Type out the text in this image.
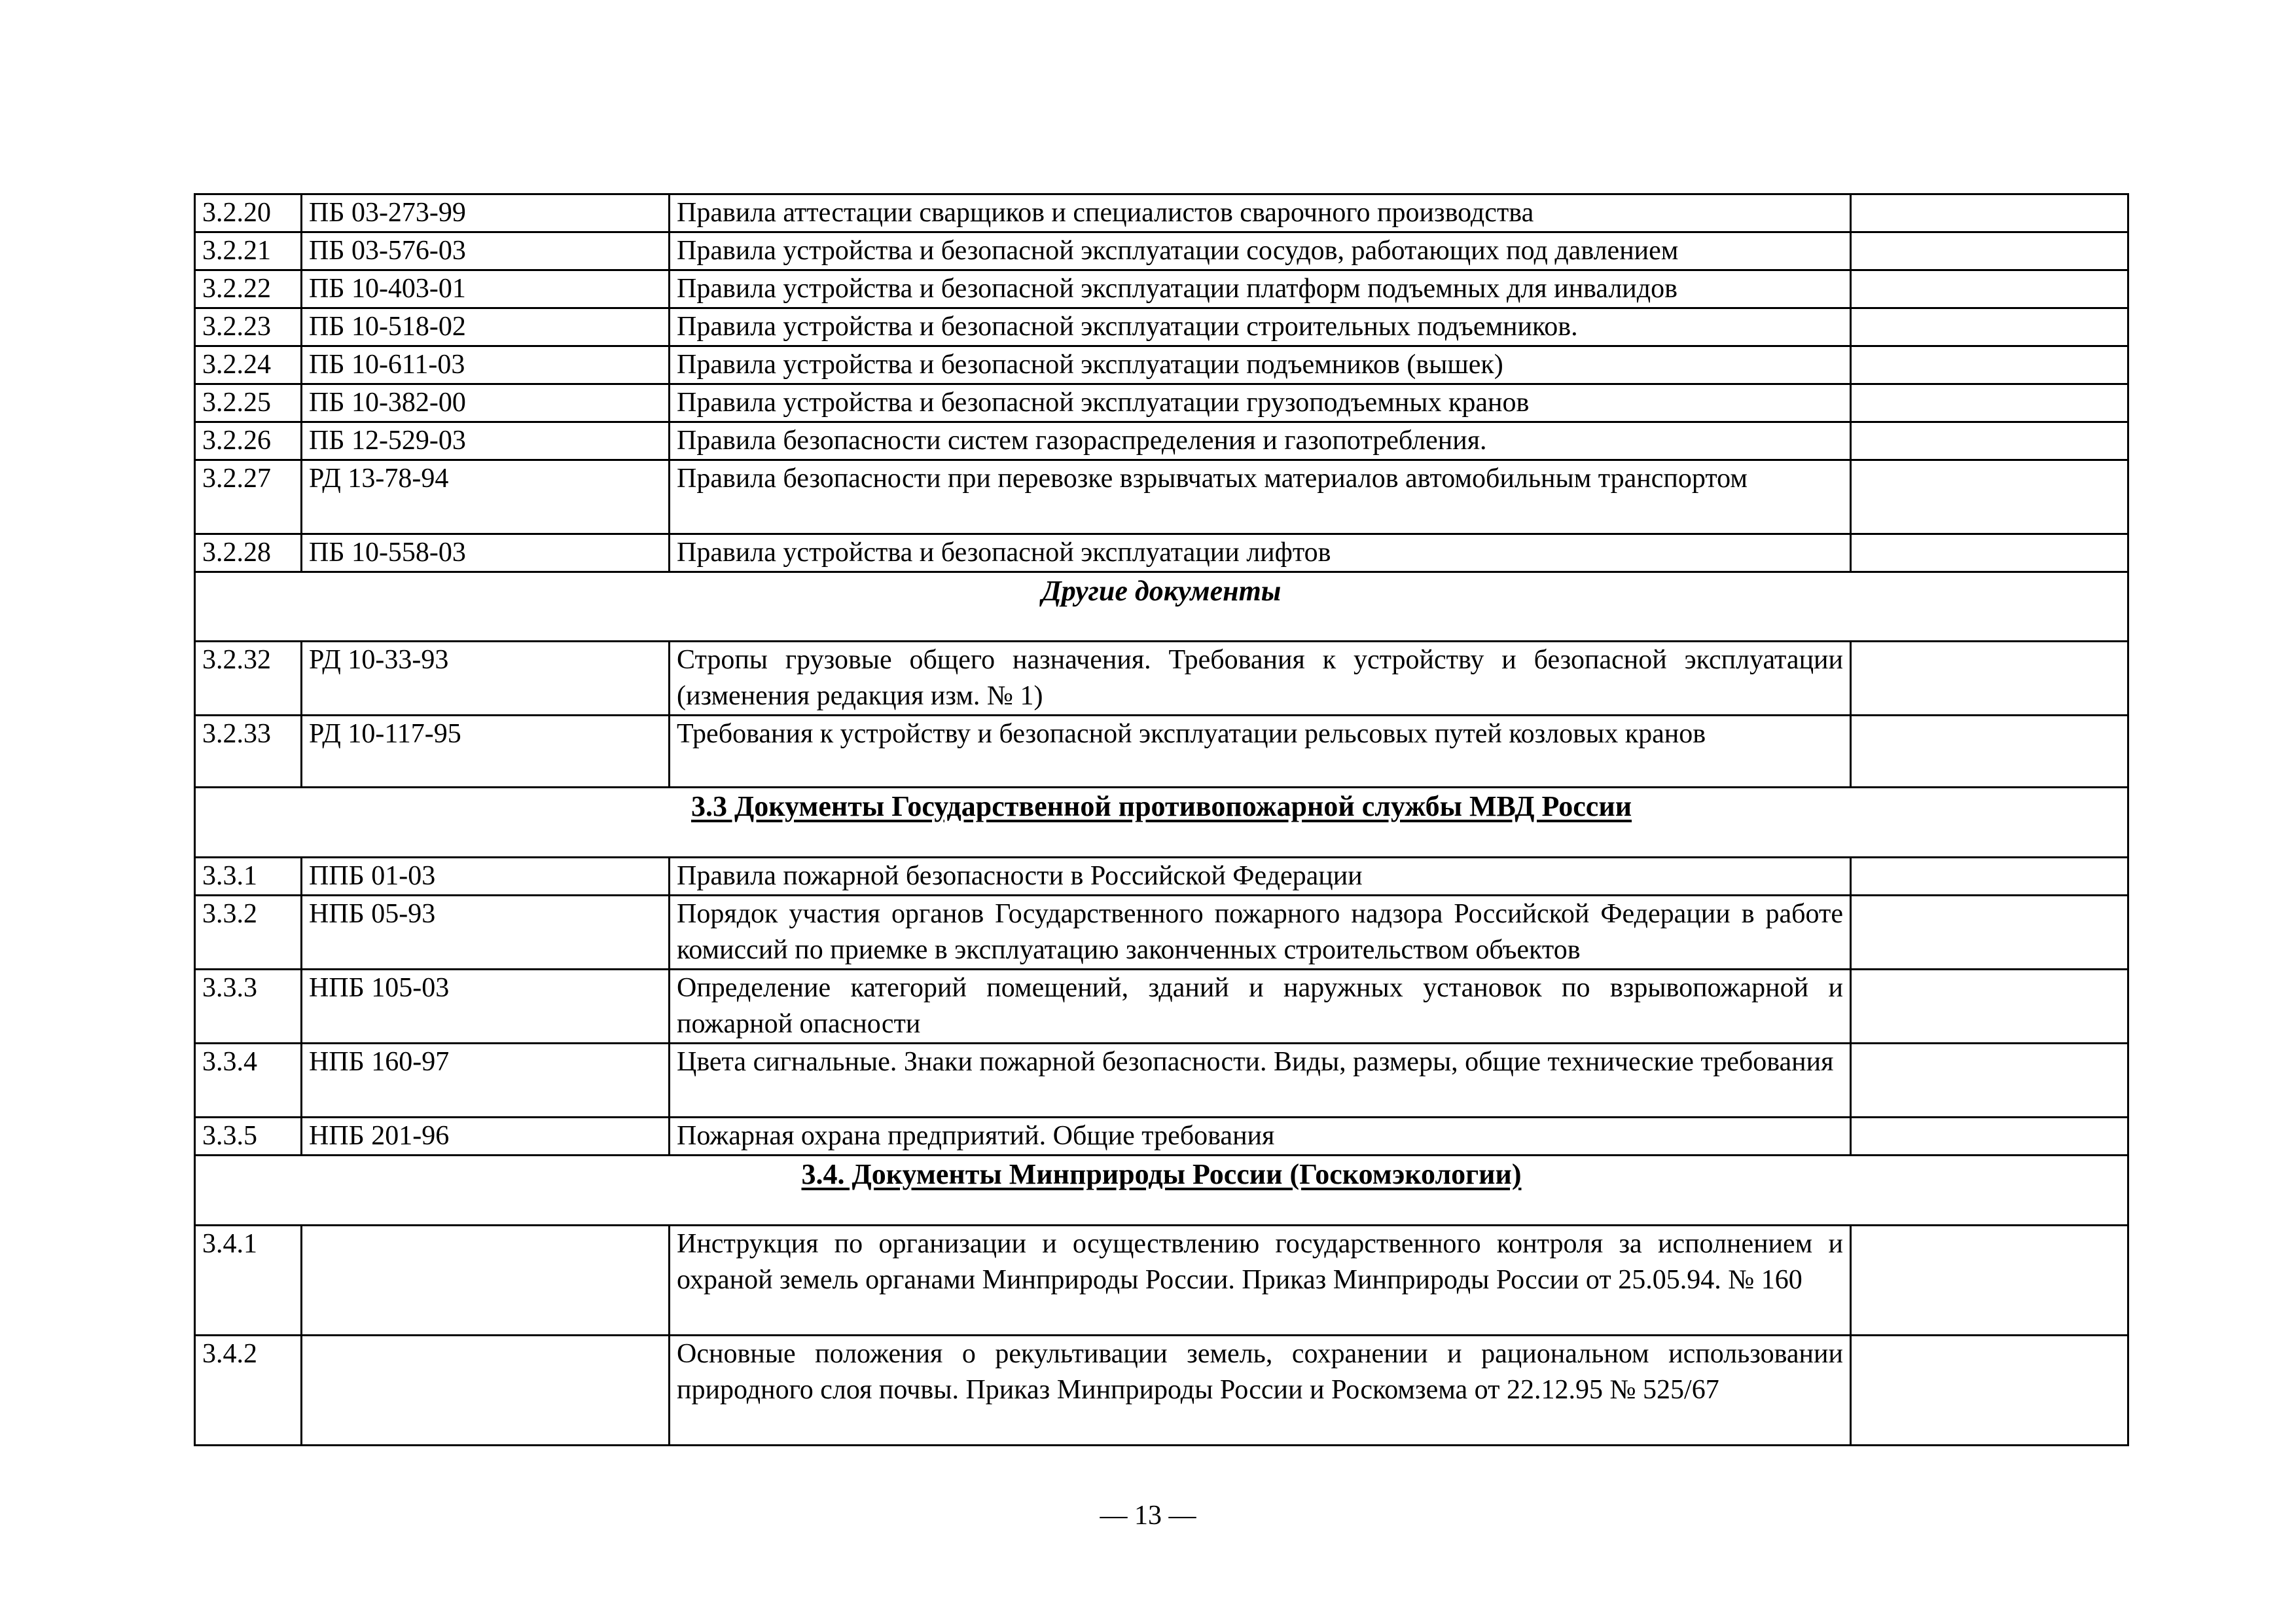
3.2.20	ПБ 03-273-99	Правила аттестации сварщиков и специалистов сварочного производства	
3.2.21	ПБ 03-576-03	Правила устройства и безопасной эксплуатации сосудов, работающих под давлением	
3.2.22	ПБ 10-403-01	Правила устройства и безопасной эксплуатации платформ подъемных для инвалидов	
3.2.23	ПБ 10-518-02	Правила устройства и безопасной эксплуатации строительных подъемников.	
3.2.24	ПБ 10-611-03	Правила устройства и безопасной эксплуатации подъемников (вышек)	
3.2.25	ПБ 10-382-00	Правила устройства и безопасной эксплуатации грузоподъемных кранов	
3.2.26	ПБ 12-529-03	Правила безопасности систем газораспределения и газопотребления.	
3.2.27	РД 13-78-94	Правила безопасности при перевозке взрывчатых материалов автомобильным транспортом	
3.2.28	ПБ 10-558-03	Правила устройства и безопасной эксплуатации лифтов	
Другие документы			
3.2.32	РД 10-33-93	Стропы грузовые общего назначения. Требования к устройству и безопасной эксплуатации (изменения редакция изм. № 1)	
3.2.33	РД 10-117-95	Требования к устройству и безопасной эксплуатации рельсовых путей козловых кранов	
3.3 Документы Государственной противопожарной службы МВД России			
3.3.1	ППБ 01-03	Правила пожарной безопасности в Российской Федерации	
3.3.2	НПБ 05-93	Порядок участия органов Государственного пожарного надзора Российской Федерации в работе комиссий по приемке в эксплуатацию законченных строительством объектов	
3.3.3	НПБ 105-03	Определение категорий помещений, зданий и наружных установок по взрывопожарной и пожарной опасности	
3.3.4	НПБ 160-97	Цвета сигнальные. Знаки пожарной безопасности. Виды, размеры, общие технические требования	
3.3.5	НПБ 201-96	Пожарная охрана предприятий. Общие требования	
3.4. Документы Минприроды России (Госкомэкологии)			
3.4.1		Инструкция по организации и осуществлению государственного контроля за исполнением и охраной земель органами Минприроды России. Приказ Минприроды России от 25.05.94. № 160	
3.4.2		Основные положения о рекультивации земель, сохранении и рациональном использовании природного слоя почвы. Приказ Минприроды России и Роскомзема от 22.12.95 № 525/67	
— 13 —
